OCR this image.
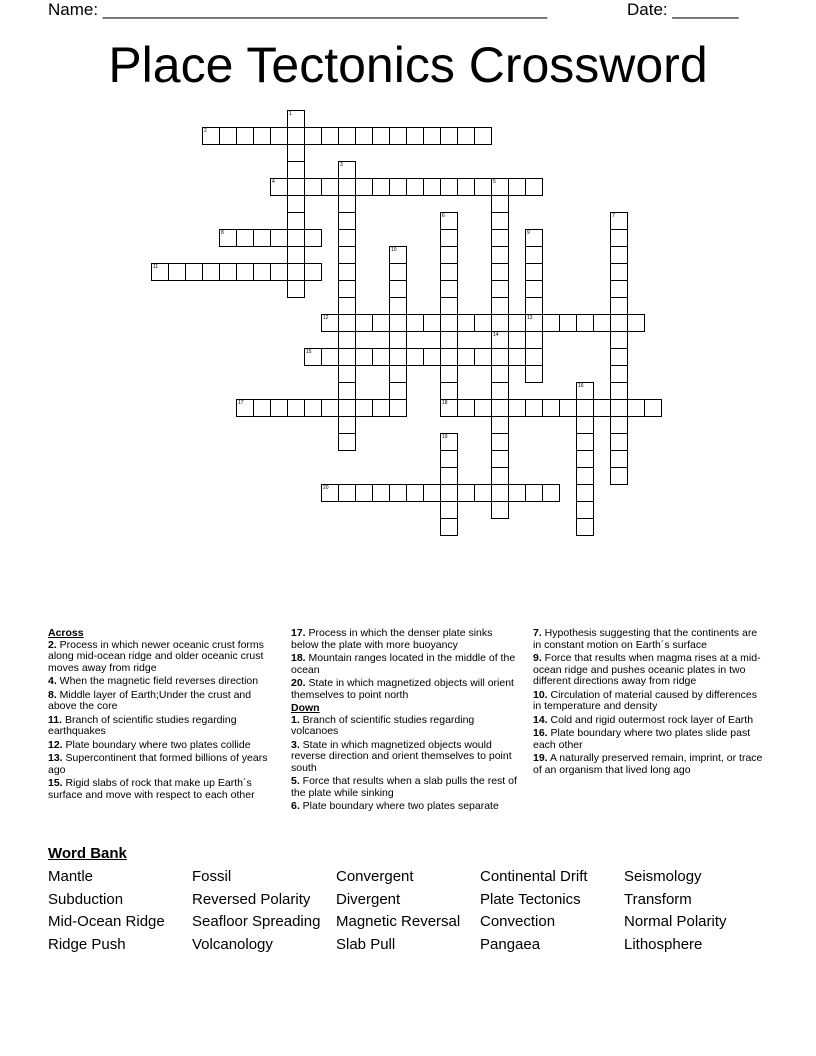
Name: _______________________________________________	Date: _______
Place Tectonics Crossword
1
2
3
4	5
6
18
7
8	9
13
10
11
12
14
15
16
17
19
20

Across

2. Process in which newer oceanic crust forms along mid-ocean ridge and older oceanic crust moves away from ridge

4. When the magnetic field reverses direction

8. Middle layer of Earth;Under the crust and above the core

11. Branch of scientific studies regarding earthquakes

12. Plate boundary where two plates collide

13. Supercontinent that formed billions of years ago

15. Rigid slabs of rock that make up Earth´s surface and move with respect to each other

17. Process in which the denser plate sinks below the plate with more buoyancy

18. Mountain ranges located in the middle of the ocean

20. State in which magnetized objects will orient themselves to point north

Down

1. Branch of scientific studies regarding volcanoes

3. State in which magnetized objects would reverse direction and orient themselves to point south

5. Force that results when a slab pulls the rest of the plate while sinking

6. Plate boundary where two plates separate

7. Hypothesis suggesting that the continents are in constant motion on Earth´s surface

9. Force that results when magma rises at a mid-ocean ridge and pushes oceanic plates in two different directions away from ridge

10. Circulation of material caused by differences in temperature and density

14. Cold and rigid outermost rock layer of Earth

16. Plate boundary where two plates slide past each other

19. A naturally preserved remain, imprint, or trace of an organism that lived long ago

Word Bank
Mantle	Fossil	Convergent	Continental Drift	Seismology
Subduction	Reversed Polarity	Divergent	Plate Tectonics	Transform
Mid-Ocean Ridge	Seafloor Spreading	Magnetic Reversal	Convection	Normal Polarity
Ridge Push	Volcanology	Slab Pull	Pangaea	Lithosphere
